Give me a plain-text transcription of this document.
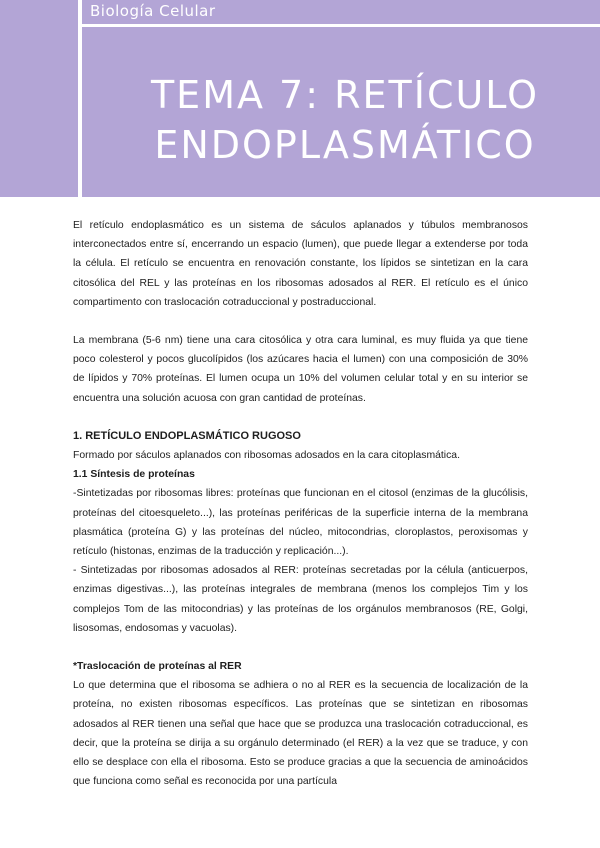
Biología Celular
TEMA 7: RETÍCULO
ENDOPLASMÁTICO

El retículo endoplasmático es un sistema de sáculos aplanados y túbulos membranosos interconectados entre sí, encerrando un espacio (lumen), que puede llegar a extenderse por toda la célula. El retículo se encuentra en renovación constante, los lípidos se sintetizan en la cara citosólica del REL y las proteínas en los ribosomas adosados al RER. El retículo es el único compartimento con traslocación cotraduccional y postraduccional.

La membrana (5-6 nm) tiene una cara citosólica y otra cara luminal, es muy fluida ya que tiene poco colesterol y pocos glucolípidos (los azúcares hacia el lumen) con una composición de 30% de lípidos y 70% proteínas. El lumen ocupa un 10% del volumen celular total y en su interior se encuentra una solución acuosa con gran cantidad de proteínas.

1. RETÍCULO ENDOPLASMÁTICO RUGOSO

Formado por sáculos aplanados con ribosomas adosados en la cara citoplasmática.

1.1 Síntesis de proteínas

-Sintetizadas por ribosomas libres: proteínas que funcionan en el citosol (enzimas de la glucólisis, proteínas del citoesqueleto...), las proteínas periféricas de la superficie interna de la membrana plasmática (proteína G) y las proteínas del núcleo, mitocondrias, cloroplastos, peroxisomas y retículo (histonas, enzimas de la traducción y replicación...).

- Sintetizadas por ribosomas adosados al RER: proteínas secretadas por la célula (anticuerpos, enzimas digestivas...), las proteínas integrales de membrana (menos los complejos Tim y los complejos Tom de las mitocondrias) y las proteínas de los orgánulos membranosos (RE, Golgi, lisosomas, endosomas y vacuolas).

*Traslocación de proteínas al RER

Lo que determina que el ribosoma se adhiera o no al RER es la secuencia de localización de la proteína, no existen ribosomas específicos. Las proteínas que se sintetizan en ribosomas adosados al RER tienen una señal que hace que se produzca una traslocación cotraduccional, es decir, que la proteína se dirija a su orgánulo determinado (el RER) a la vez que se traduce, y con ello se desplace con ella el ribosoma. Esto se produce gracias a que la secuencia de aminoácidos que funciona como señal es reconocida por una partícula
